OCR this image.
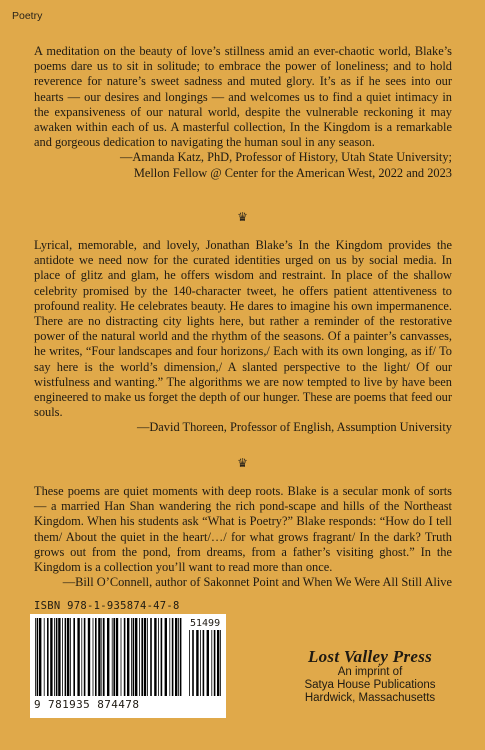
Poetry

A meditation on the beauty of love’s stillness amid an ever-chaotic world, Blake’s poems dare us to sit in solitude; to embrace the power of loneliness; and to hold reverence for nature’s sweet sadness and muted glory. It’s as if he sees into our hearts — our desires and longings — and welcomes us to find a quiet intimacy in the expansiveness of our natural world, despite the vulnerable reckoning it may awaken within each of us. A masterful collection, In the Kingdom is a remarkable and gorgeous dedication to navigating the human soul in any season.

—Amanda Katz, PhD, Professor of History, Utah State University;

Mellon Fellow @ Center for the American West, 2022 and 2023

♛

Lyrical, memorable, and lovely, Jonathan Blake’s In the Kingdom provides the antidote we need now for the curated identities urged on us by social media. In place of glitz and glam, he offers wisdom and restraint. In place of the shallow celebrity promised by the 140-character tweet, he offers patient attentiveness to profound reality. He celebrates beauty. He dares to imagine his own impermanence. There are no distracting city lights here, but rather a reminder of the restorative power of the natural world and the rhythm of the seasons. Of a painter’s canvasses, he writes, “Four landscapes and four horizons,/ Each with its own longing, as if/ To say here is the world’s dimension,/ A slanted perspective to the light/ Of our wistfulness and wanting.” The algorithms we are now tempted to live by have been engineered to make us forget the depth of our hunger. These are poems that feed our souls.

—David Thoreen, Professor of English, Assumption University

♛

These poems are quiet moments with deep roots. Blake is a secular monk of sorts — a married Han Shan wandering the rich pond-scape and hills of the Northeast Kingdom. When his students ask “What is Poetry?” Blake responds: “How do I tell them/ About the quiet in the heart/…/ for what grows fragrant/ In the dark? Truth grows out from the pond, from dreams, from a father’s visiting ghost.” In the Kingdom is a collection you’ll want to read more than once.

—Bill O’Connell, author of Sakonnet Point and When We Were All Still Alive

ISBN 978-1-935874-47-8
51499
9 781935 874478
Lost Valley Press
An imprint of
Satya House Publications
Hardwick, Massachusetts
